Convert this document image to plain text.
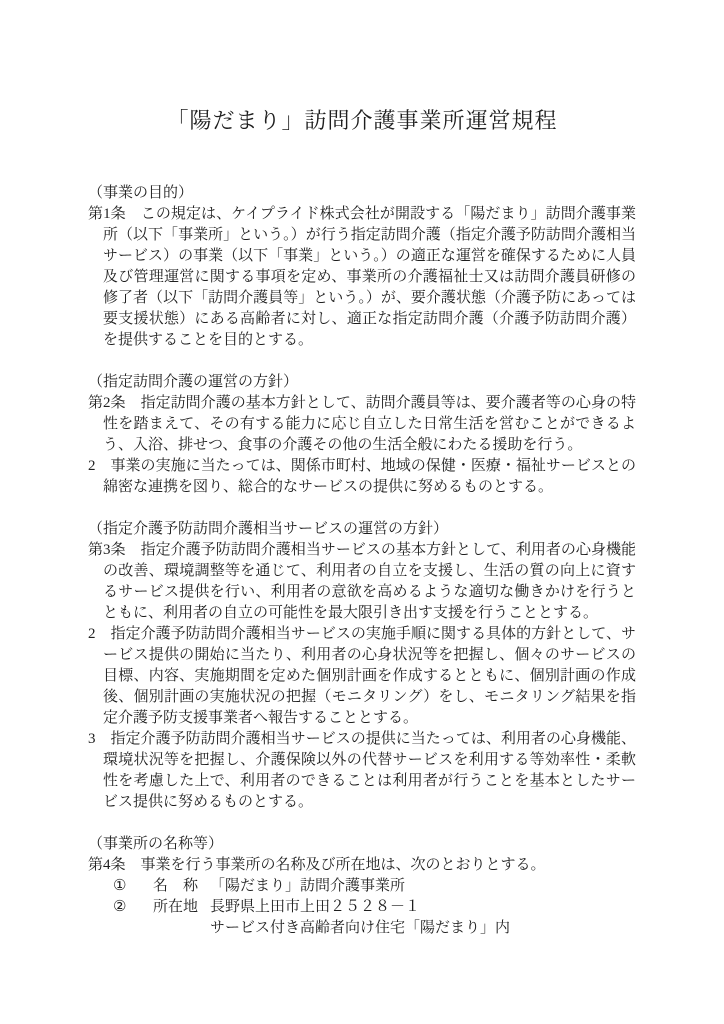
「陽だまり」訪問介護事業所運営規程
（事業の目的）
第1条　この規定は、ケイプライド株式会社が開設する「陽だまり」訪問介護事業所（以下「事業所」という。）が行う指定訪問介護（指定介護予防訪問介護相当サービス）の事業（以下「事業」という。）の適正な運営を確保するために人員及び管理運営に関する事項を定め、事業所の介護福祉士又は訪問介護員研修の修了者（以下「訪問介護員等」という。）が、要介護状態（介護予防にあっては要支援状態）にある高齢者に対し、適正な指定訪問介護（介護予防訪問介護）を提供することを目的とする。
（指定訪問介護の運営の方針）
第2条　指定訪問介護の基本方針として、訪問介護員等は、要介護者等の心身の特性を踏まえて、その有する能力に応じ自立した日常生活を営むことができるよう、入浴、排せつ、食事の介護その他の生活全般にわたる援助を行う。
2　事業の実施に当たっては、関係市町村、地域の保健・医療・福祉サービスとの綿密な連携を図り、総合的なサービスの提供に努めるものとする。
（指定介護予防訪問介護相当サービスの運営の方針）
第3条　指定介護予防訪問介護相当サービスの基本方針として、利用者の心身機能の改善、環境調整等を通じて、利用者の自立を支援し、生活の質の向上に資するサービス提供を行い、利用者の意欲を高めるような適切な働きかけを行うとともに、利用者の自立の可能性を最大限引き出す支援を行うこととする。
2　指定介護予防訪問介護相当サービスの実施手順に関する具体的方針として、サービス提供の開始に当たり、利用者の心身状況等を把握し、個々のサービスの目標、内容、実施期間を定めた個別計画を作成するとともに、個別計画の作成後、個別計画の実施状況の把握（モニタリング）をし、モニタリング結果を指定介護予防支援事業者へ報告することとする。
3　指定介護予防訪問介護相当サービスの提供に当たっては、利用者の心身機能、環境状況等を把握し、介護保険以外の代替サービスを利用する等効率性・柔軟性を考慮した上で、利用者のできることは利用者が行うことを基本としたサービス提供に努めるものとする。
（事業所の名称等）
第4条　事業を行う事業所の名称及び所在地は、次のとおりとする。
①	名　称 「陽だまり」訪問介護事業所
②	所在地 長野県上田市上田２５２８－１
サービス付き高齢者向け住宅「陽だまり」内
